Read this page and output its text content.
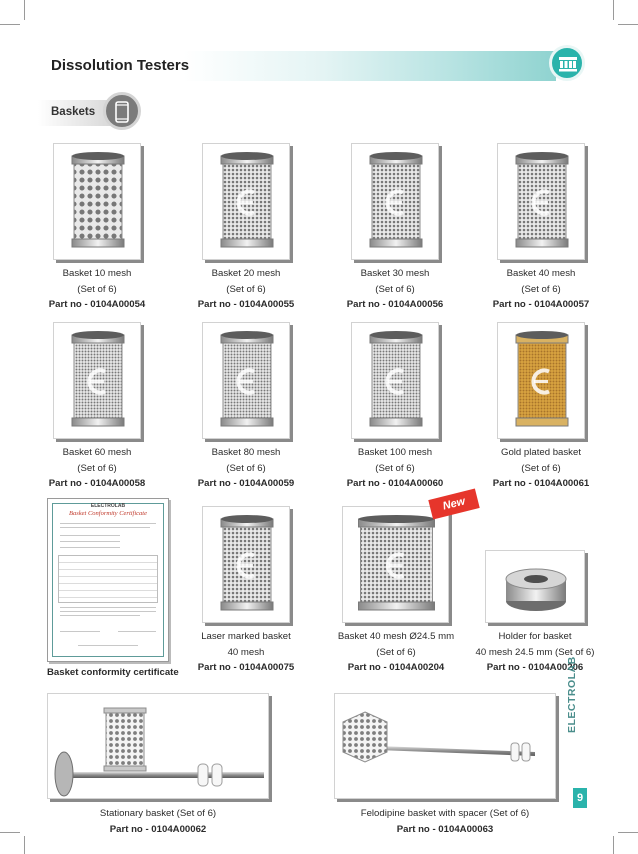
Dissolution Testers
Baskets
Basket 10 mesh
(Set of 6)
Part no - 0104A00054
Basket 20 mesh
(Set of 6)
Part no - 0104A00055
Basket 30 mesh
(Set of 6)
Part no - 0104A00056
Basket 40 mesh
(Set of 6)
Part no - 0104A00057
Basket 60 mesh
(Set of 6)
Part no - 0104A00058
Basket 80 mesh
(Set of 6)
Part no - 0104A00059
Basket 100 mesh
(Set of 6)
Part no - 0104A00060
Gold plated basket
(Set of 6)
Part no - 0104A00061
ELECTROLAB
Basket Conformity Certificate
Basket conformity certificate
New
Laser marked basket
40 mesh
Part no - 0104A00075
Basket 40 mesh Ø24.5 mm
(Set of 6)
Part no - 0104A00204
Holder for basket
40 mesh 24.5 mm (Set of 6)
Part no - 0104A00206
Stationary basket (Set of 6)
Part no - 0104A00062
Felodipine basket with spacer (Set of 6)
Part no - 0104A00063
ELECTROLAB
9
